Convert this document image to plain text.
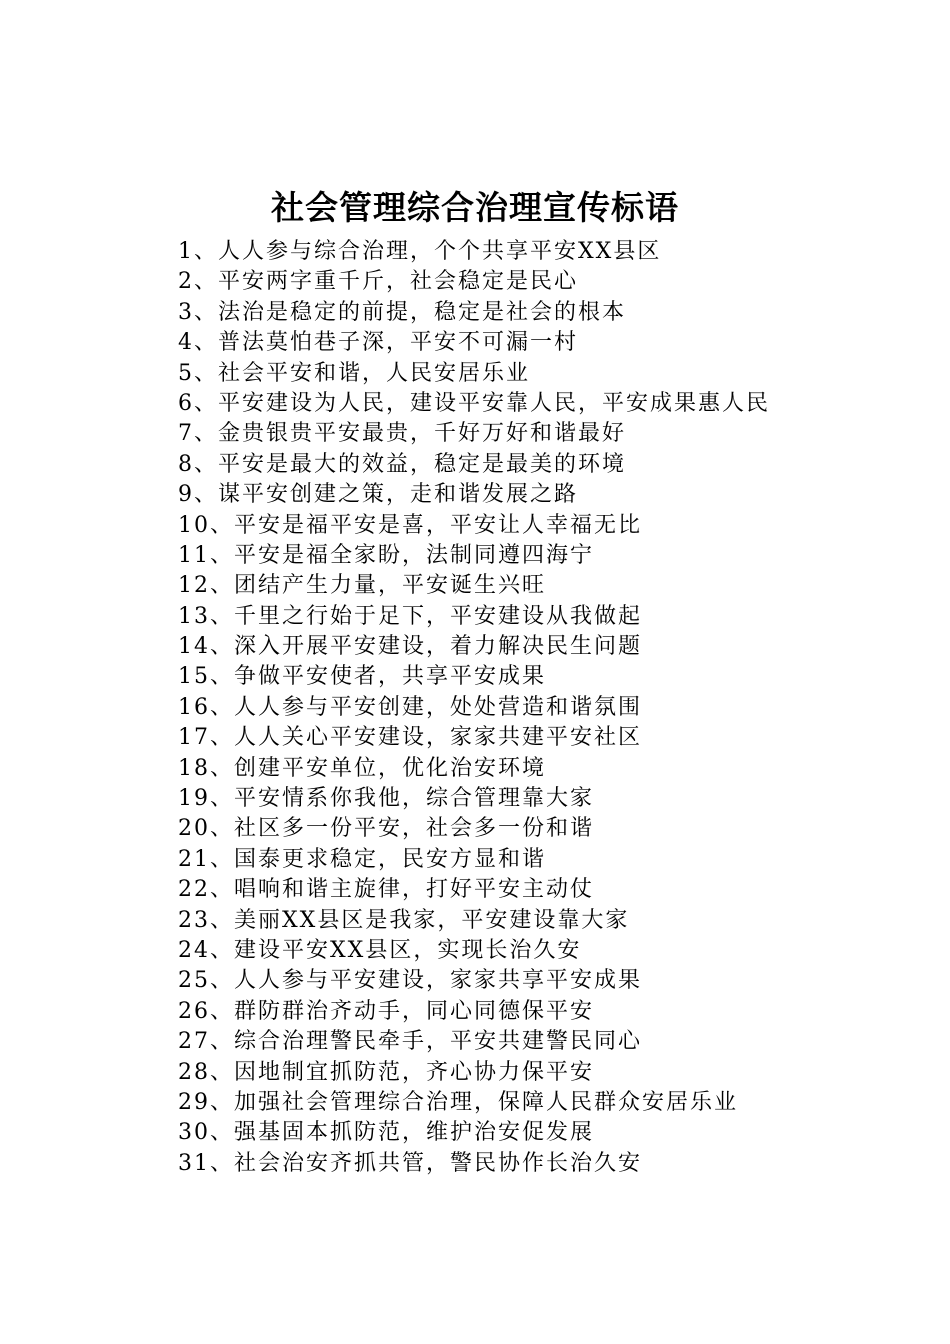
社会管理综合治理宣传标语
1、人人参与综合治理，个个共享平安XX县区
2、平安两字重千斤，社会稳定是民心
3、法治是稳定的前提，稳定是社会的根本
4、普法莫怕巷子深，平安不可漏一村
5、社会平安和谐，人民安居乐业
6、平安建设为人民，建设平安靠人民，平安成果惠人民
7、金贵银贵平安最贵，千好万好和谐最好
8、平安是最大的效益，稳定是最美的环境
9、谋平安创建之策，走和谐发展之路
10、平安是福平安是喜，平安让人幸福无比
11、平安是福全家盼，法制同遵四海宁
12、团结产生力量，平安诞生兴旺
13、千里之行始于足下，平安建设从我做起
14、深入开展平安建设，着力解决民生问题
15、争做平安使者，共享平安成果
16、人人参与平安创建，处处营造和谐氛围
17、人人关心平安建设，家家共建平安社区
18、创建平安单位，优化治安环境
19、平安情系你我他，综合管理靠大家
20、社区多一份平安，社会多一份和谐
21、国泰更求稳定，民安方显和谐
22、唱响和谐主旋律，打好平安主动仗
23、美丽XX县区是我家，平安建设靠大家
24、建设平安XX县区，实现长治久安
25、人人参与平安建设，家家共享平安成果
26、群防群治齐动手，同心同德保平安
27、综合治理警民牵手，平安共建警民同心
28、因地制宜抓防范，齐心协力保平安
29、加强社会管理综合治理，保障人民群众安居乐业
30、强基固本抓防范，维护治安促发展
31、社会治安齐抓共管，警民协作长治久安
